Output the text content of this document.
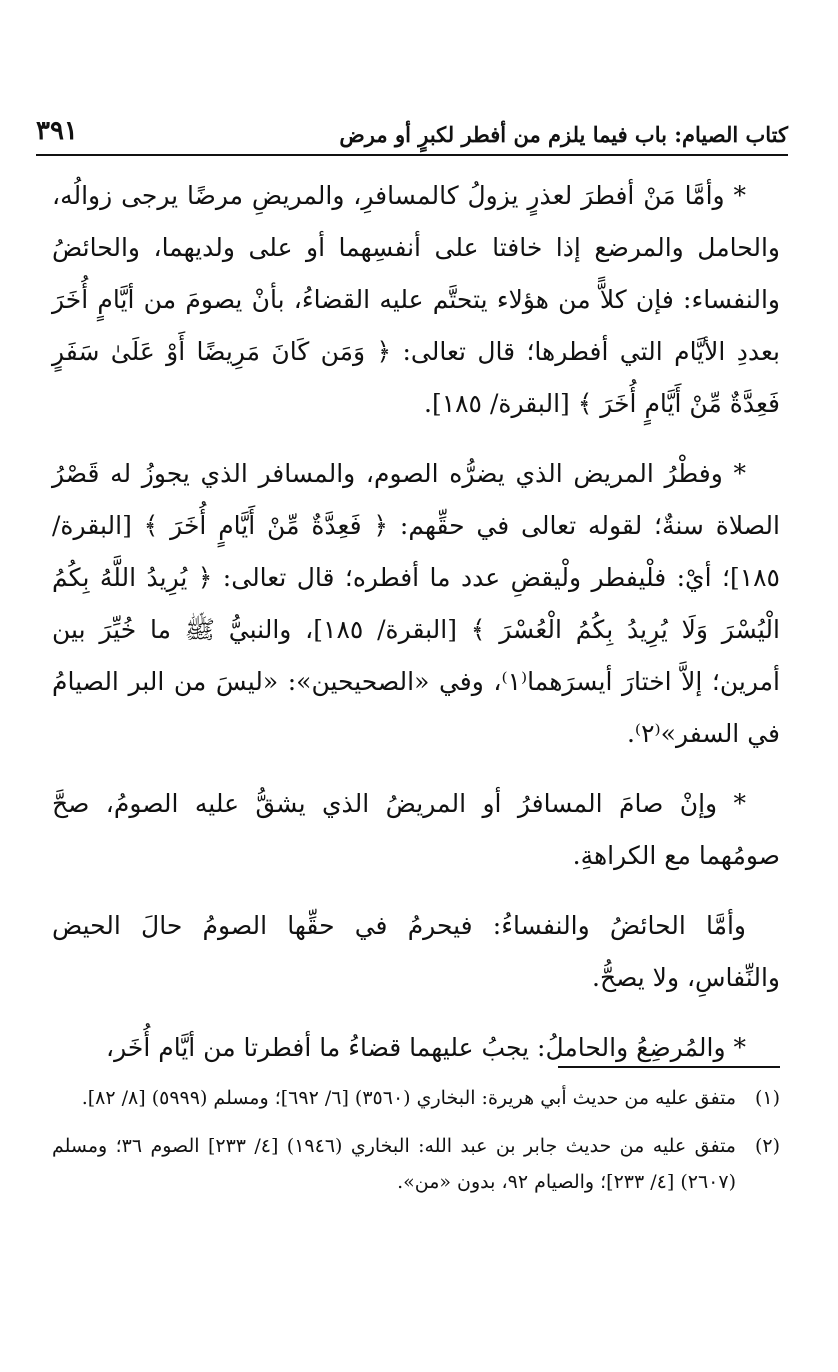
كتاب الصيام: باب فيما يلزم من أفطر لكبرٍ أو مرض
٣٩١

* وأمَّا مَنْ أفطرَ لعذرٍ يزولُ كالمسافرِ، والمريضِ مرضًا يرجى زوالُه، والحامل والمرضع إذا خافتا على أنفسِهما أو على ولديهما، والحائضُ والنفساء: فإن كلاًّ من هؤلاء يتحتَّم عليه القضاءُ، بأنْ يصومَ من أيَّامٍ أُخَرَ بعددِ الأيَّام التي أفطرها؛ قال تعالى: ﴿ وَمَن كَانَ مَرِيضًا أَوْ عَلَىٰ سَفَرٍ فَعِدَّةٌ مِّنْ أَيَّامٍ أُخَرَ ﴾ [البقرة/ ١٨٥].

* وفطْرُ المريض الذي يضرُّه الصوم، والمسافر الذي يجوزُ له قَصْرُ الصلاة سنةٌ؛ لقوله تعالى في حقِّهم: ﴿ فَعِدَّةٌ مِّنْ أَيَّامٍ أُخَرَ ﴾ [البقرة/ ١٨٥]؛ أيْ: فلْيفطر ولْيقضِ عدد ما أفطره؛ قال تعالى: ﴿ يُرِيدُ اللَّهُ بِكُمُ الْيُسْرَ وَلَا يُرِيدُ بِكُمُ الْعُسْرَ ﴾ [البقرة/ ١٨٥]، والنبيُّ ﷺ ما خُيِّرَ بين أمرين؛ إلاَّ اختارَ أيسرَهما⁽١⁾، وفي «الصحيحين»: «ليسَ من البر الصيامُ في السفر»⁽٢⁾.

* وإنْ صامَ المسافرُ أو المريضُ الذي يشقُّ عليه الصومُ، صحَّ صومُهما مع الكراهةِ.

وأمَّا الحائضُ والنفساءُ: فيحرمُ في حقِّها الصومُ حالَ الحيض والنِّفاسِ، ولا يصحُّ.

* والمُرضِعُ والحاملُ: يجبُ عليهما قضاءُ ما أفطرتا من أيَّام أُخَر،

(١)
متفق عليه من حديث أبي هريرة: البخاري (٣٥٦٠) [٦/ ٦٩٢]؛ ومسلم (٥٩٩٩) [٨/ ٨٢].
(٢)
متفق عليه من حديث جابر بن عبد الله: البخاري (١٩٤٦) [٤/ ٢٣٣] الصوم ٣٦؛ ومسلم (٢٦٠٧) [٤/ ٢٣٣]؛ والصيام ٩٢، بدون «من».
